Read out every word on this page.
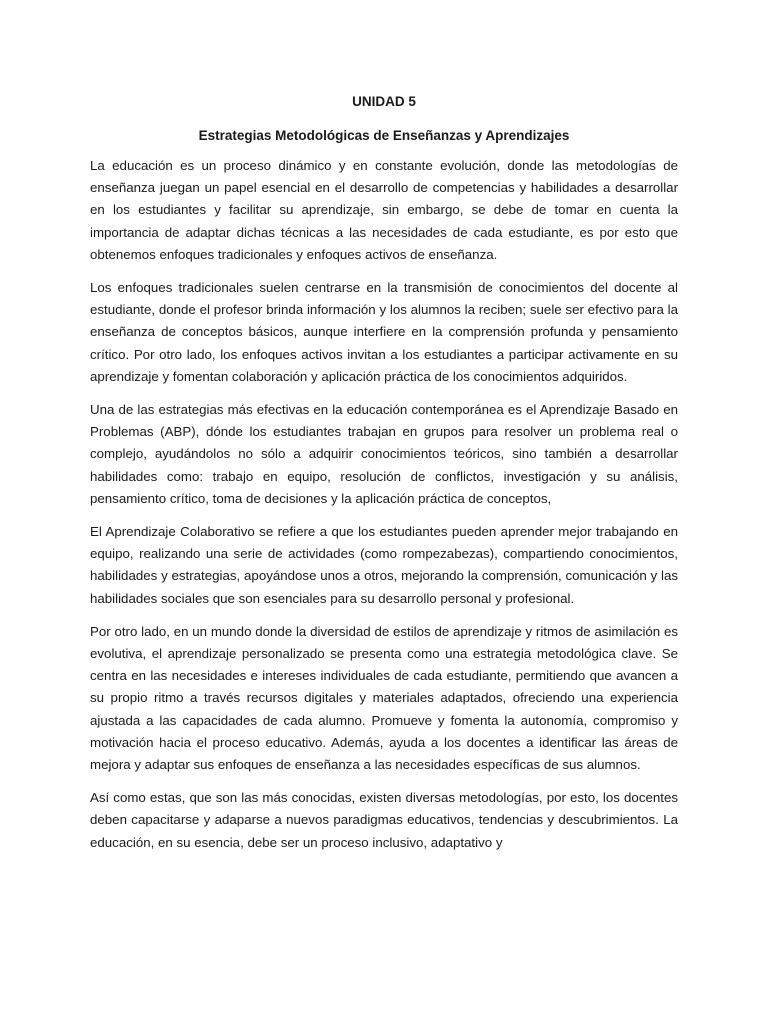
UNIDAD 5
Estrategias Metodológicas de Enseñanzas y Aprendizajes

La educación es un proceso dinámico y en constante evolución, donde las metodologías de enseñanza juegan un papel esencial en el desarrollo de competencias y habilidades a desarrollar en los estudiantes y facilitar su aprendizaje, sin embargo, se debe de tomar en cuenta la importancia de adaptar dichas técnicas a las necesidades de cada estudiante, es por esto que obtenemos enfoques tradicionales y enfoques activos de enseñanza.

Los enfoques tradicionales suelen centrarse en la transmisión de conocimientos del docente al estudiante, donde el profesor brinda información y los alumnos la reciben; suele ser efectivo para la enseñanza de conceptos básicos, aunque interfiere en la comprensión profunda y pensamiento crítico. Por otro lado, los enfoques activos invitan a los estudiantes a participar activamente en su aprendizaje y fomentan colaboración y aplicación práctica de los conocimientos adquiridos.

Una de las estrategias más efectivas en la educación contemporánea es el Aprendizaje Basado en Problemas (ABP), dónde los estudiantes trabajan en grupos para resolver un problema real o complejo, ayudándolos no sólo a adquirir conocimientos teóricos, sino también a desarrollar habilidades como: trabajo en equipo, resolución de conflictos, investigación y su análisis, pensamiento crítico, toma de decisiones y la aplicación práctica de conceptos,

El Aprendizaje Colaborativo se refiere a que los estudiantes pueden aprender mejor trabajando en equipo, realizando una serie de actividades (como rompezabezas), compartiendo conocimientos, habilidades y estrategias, apoyándose unos a otros, mejorando la comprensión, comunicación y las habilidades sociales que son esenciales para su desarrollo personal y profesional.

Por otro lado, en un mundo donde la diversidad de estilos de aprendizaje y ritmos de asimilación es evolutiva, el aprendizaje personalizado se presenta como una estrategia metodológica clave. Se centra en las necesidades e intereses individuales de cada estudiante, permitiendo que avancen a su propio ritmo a través recursos digitales y materiales adaptados, ofreciendo una experiencia ajustada a las capacidades de cada alumno. Promueve y fomenta la autonomía, compromiso y motivación hacia el proceso educativo. Además, ayuda a los docentes a identificar las áreas de mejora y adaptar sus enfoques de enseñanza a las necesidades específicas de sus alumnos.

Así como estas, que son las más conocidas, existen diversas metodologías, por esto, los docentes deben capacitarse y adaparse a nuevos paradigmas educativos, tendencias y descubrimientos. La educación, en su esencia, debe ser un proceso inclusivo, adaptativo y
